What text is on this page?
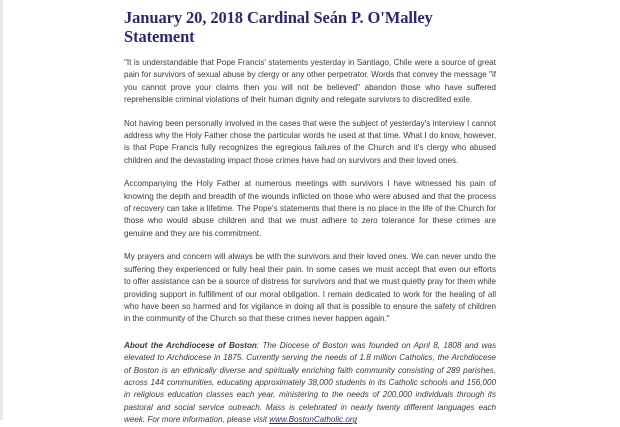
January 20, 2018 Cardinal Seán P. O'Malley
Statement

"It is understandable that Pope Francis' statements yesterday in Santiago, Chile were a source of great pain for survivors of sexual abuse by clergy or any other perpetrator. Words that convey the message "if you cannot prove your claims then you will not be believed" abandon those who have suffered reprehensible criminal violations of their human dignity and relegate survivors to discredited exile.

Not having been personally involved in the cases that were the subject of yesterday's interview I cannot address why the Holy Father chose the particular words he used at that time. What I do know, however, is that Pope Francis fully recognizes the egregious failures of the Church and it's clergy who abused children and the devastating impact those crimes have had on survivors and their loved ones.

Accompanying the Holy Father at numerous meetings with survivors I have witnessed his pain of knowing the depth and breadth of the wounds inflicted on those who were abused and that the process of recovery can take a lifetime. The Pope's statements that there is no place in the life of the Church for those who would abuse children and that we must adhere to zero tolerance for these crimes are genuine and they are his commitment.

My prayers and concern will always be with the survivors and their loved ones. We can never undo the suffering they experienced or fully heal their pain. In some cases we must accept that even our efforts to offer assistance can be a source of distress for survivors and that we must quietly pray for them while providing support in fulfillment of our moral obligation. I remain dedicated to work for the healing of all who have been so harmed and for vigilance in doing all that is possible to ensure the safety of children in the community of the Church so that these crimes never happen again."

About the Archdiocese of Boston: The Diocese of Boston was founded on April 8, 1808 and was elevated to Archdiocese in 1875. Currently serving the needs of 1.8 million Catholics, the Archdiocese of Boston is an ethnically diverse and spiritually enriching faith community consisting of 289 parishes, across 144 communities, educating approximately 38,000 students in its Catholic schools and 156,000 in religious education classes each year, ministering to the needs of 200,000 individuals through its pastoral and social service outreach. Mass is celebrated in nearly twenty different languages each week. For more information, please visit www.BostonCatholic.org
